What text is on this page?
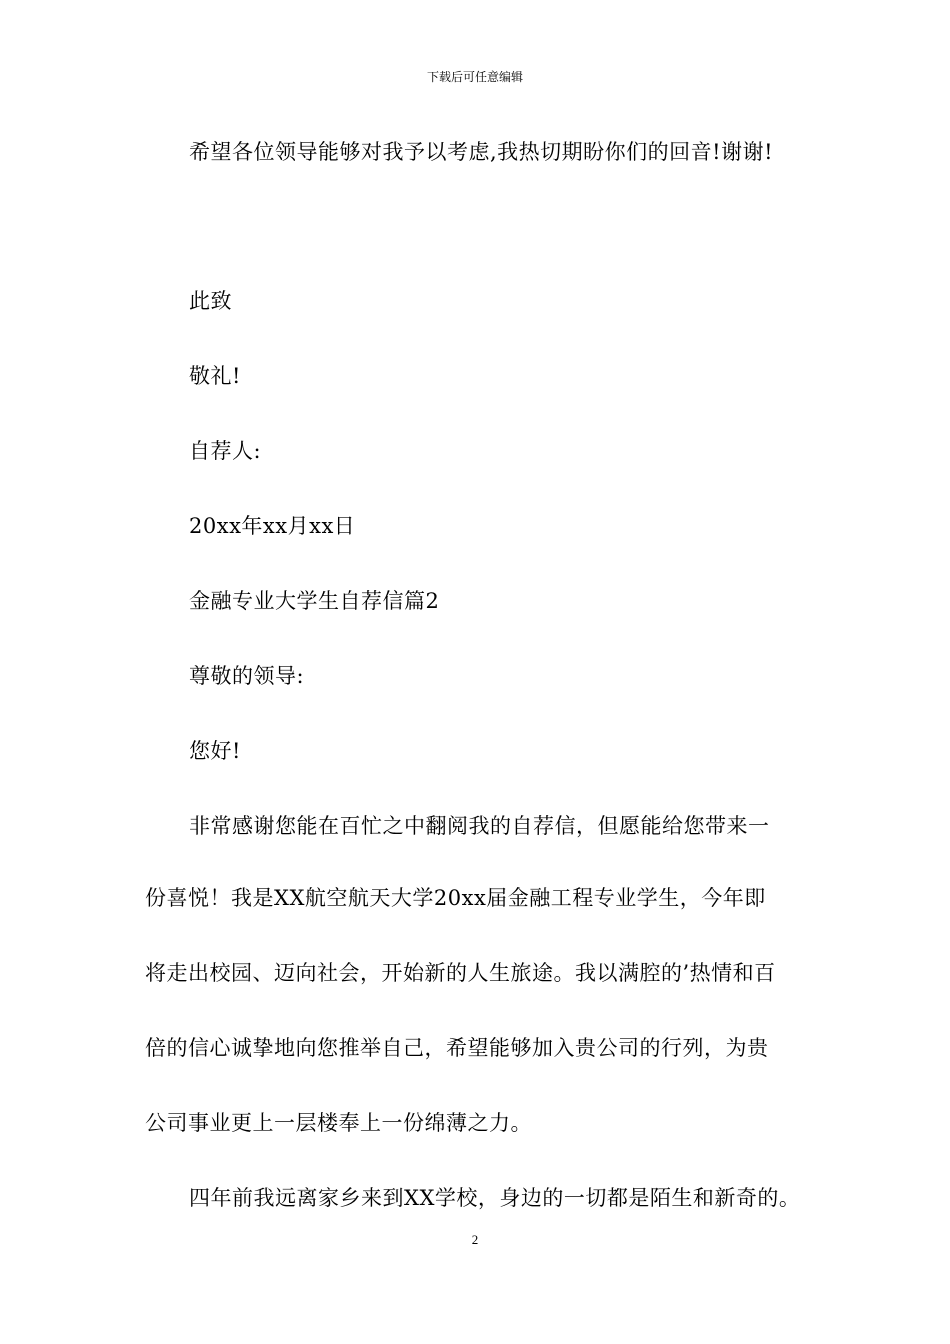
下载后可任意编辑
希望各位领导能够对我予以考虑,我热切期盼你们的回音!谢谢!
此致
敬礼!
自荐人:
20xx年xx月xx日
金融专业大学生自荐信篇2
尊敬的领导:
您好!
非常感谢您能在百忙之中翻阅我的自荐信，但愿能给您带来一
份喜悦！我是XX航空航天大学20xx届金融工程专业学生，今年即
将走出校园、迈向社会，开始新的人生旅途。我以满腔的’热情和百
倍的信心诚挚地向您推举自己，希望能够加入贵公司的行列，为贵
公司事业更上一层楼奉上一份绵薄之力。
四年前我远离家乡来到XX学校，身边的一切都是陌生和新奇的。
2
